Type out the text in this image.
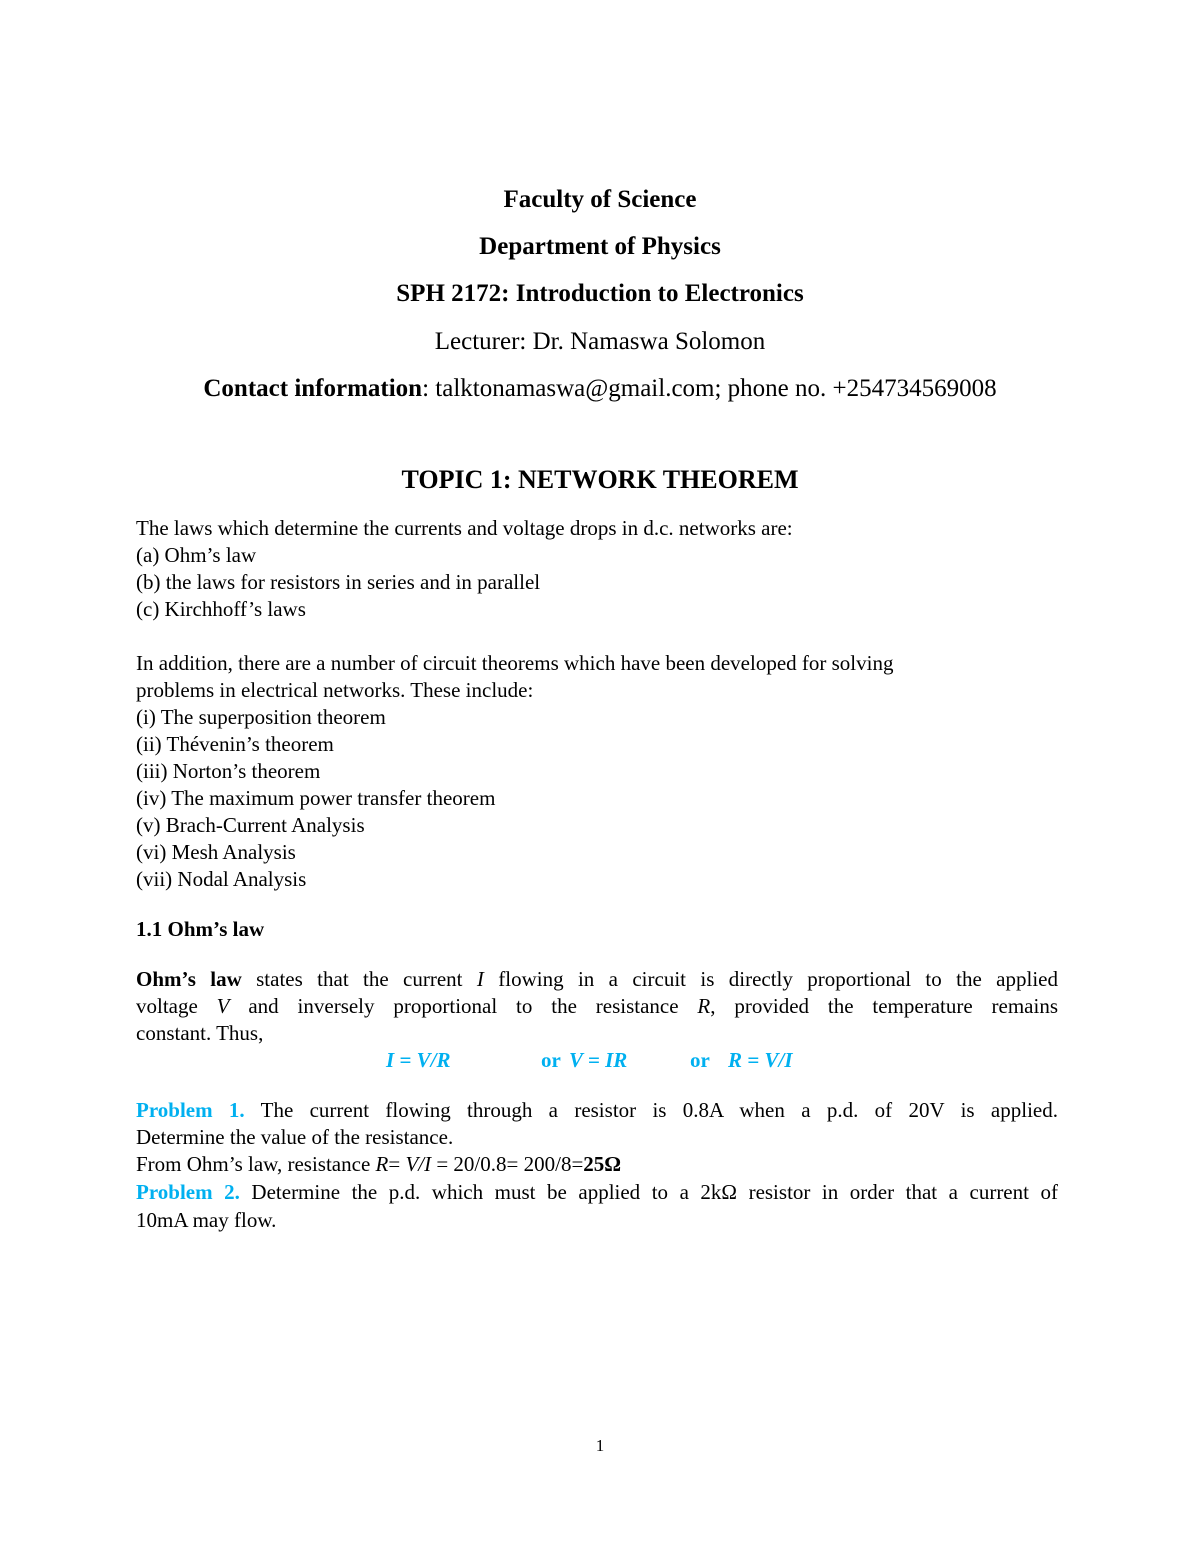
Faculty of Science
Department of Physics
SPH 2172: Introduction to Electronics
Lecturer: Dr. Namaswa Solomon
Contact information: talktonamaswa@gmail.com; phone no. +254734569008
TOPIC 1: NETWORK THEOREM
The laws which determine the currents and voltage drops in d.c. networks are:
(a) Ohm’s law
(b) the laws for resistors in series and in parallel
(c) Kirchhoff’s laws
In addition, there are a number of circuit theorems which have been developed for solving
problems in electrical networks. These include:
(i) The superposition theorem
(ii) Thévenin’s theorem
(iii) Norton’s theorem
(iv) The maximum power transfer theorem
(v) Brach-Current Analysis
(vi) Mesh Analysis
(vii) Nodal Analysis
1.1 Ohm’s law
Ohm’s law states that the current I flowing in a circuit is directly proportional to the applied
voltage V and inversely proportional to the resistance R, provided the temperature remains
constant. Thus,
I = V/R	or V = IR	or R = V/I
Problem 1. The current flowing through a resistor is 0.8A when a p.d. of 20V is applied.
Determine the value of the resistance.
From Ohm’s law, resistance R= V/I = 20/0.8= 200/8=25Ω
Problem 2. Determine the p.d. which must be applied to a 2kΩ resistor in order that a current of
10mA may flow.
1
